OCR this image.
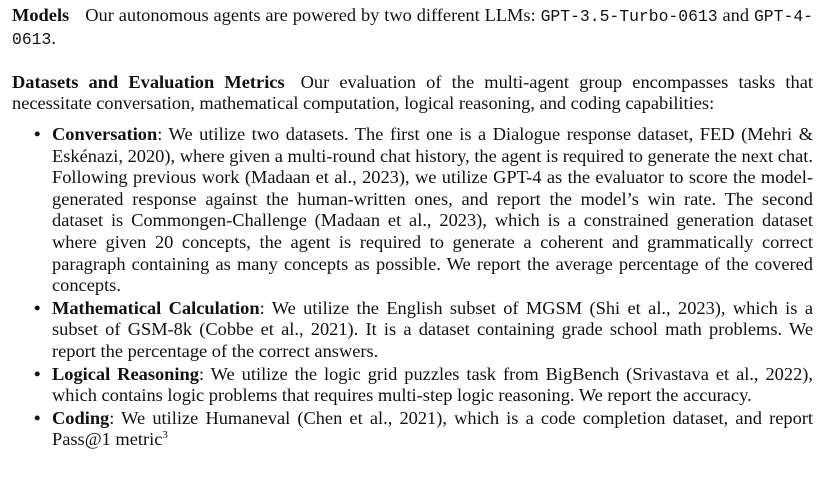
Models Our autonomous agents are powered by two different LLMs: GPT-3.5-Turbo-0613 and GPT-4-0613.

Datasets and Evaluation Metrics Our evaluation of the multi-agent group encompasses tasks that necessitate conversation, mathematical computation, logical reasoning, and coding capabilities:

• Conversation: We utilize two datasets. The first one is a Dialogue response dataset, FED (Mehri & Eskénazi, 2020), where given a multi-round chat history, the agent is required to generate the next chat. Following previous work (Madaan et al., 2023), we utilize GPT-4 as the evaluator to score the model-generated response against the human-written ones, and report the model’s win rate. The second dataset is Commongen-Challenge (Madaan et al., 2023), which is a constrained generation dataset where given 20 concepts, the agent is required to generate a coherent and grammatically correct paragraph containing as many concepts as possible. We report the average percentage of the covered concepts.
• Mathematical Calculation: We utilize the English subset of MGSM (Shi et al., 2023), which is a subset of GSM-8k (Cobbe et al., 2021). It is a dataset containing grade school math problems. We report the percentage of the correct answers.
• Logical Reasoning: We utilize the logic grid puzzles task from BigBench (Srivastava et al., 2022), which contains logic problems that requires multi-step logic reasoning. We report the accuracy.
• Coding: We utilize Humaneval (Chen et al., 2021), which is a code completion dataset, and report Pass@1 metric$^3$
